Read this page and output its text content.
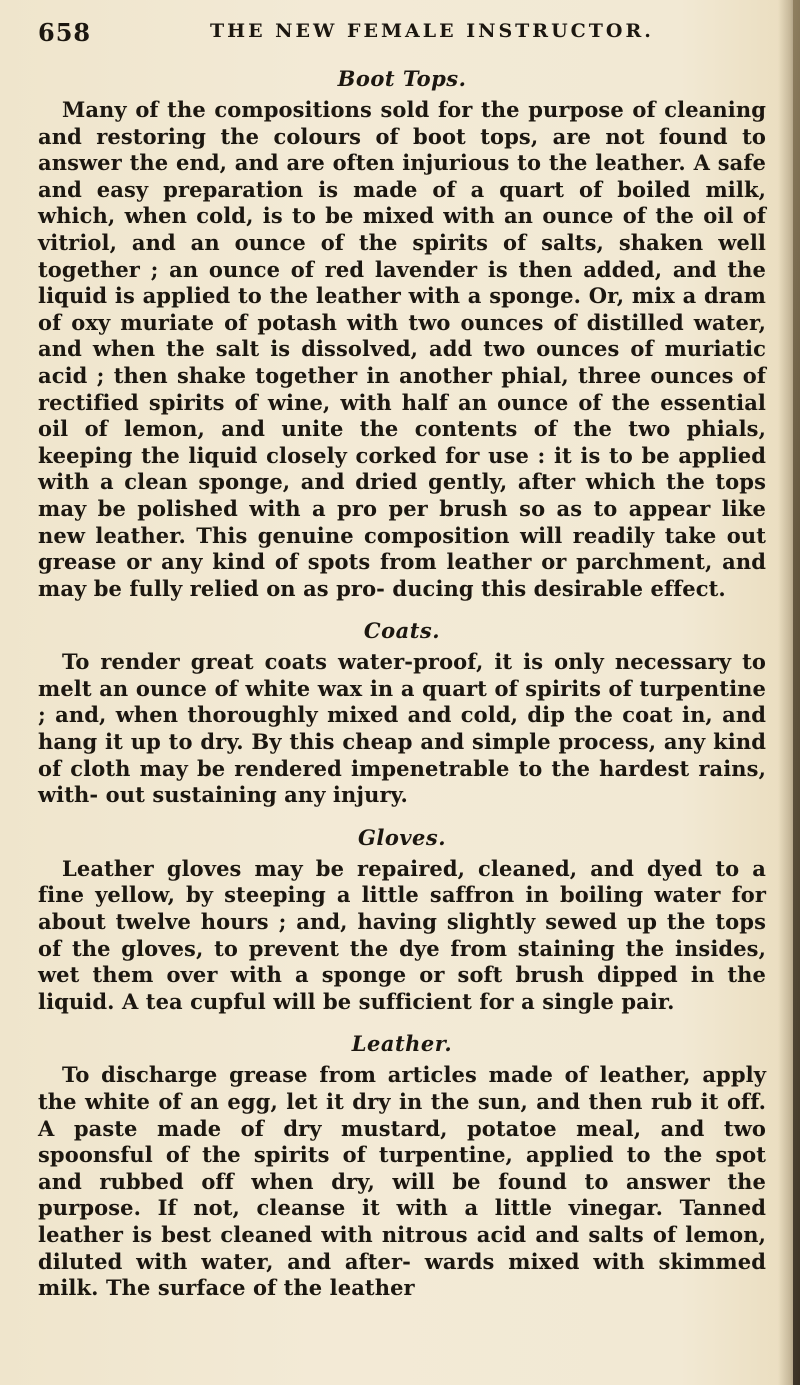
658	THE NEW FEMALE INSTRUCTOR.
Boot Tops.

Many of the compositions sold for the purpose of cleaning and restoring the colours of boot tops, are not found to answer the end, and are often injurious to the leather. A safe and easy preparation is made of a quart of boiled milk, which, when cold, is to be mixed with an ounce of the oil of vitriol, and an ounce of the spirits of salts, shaken well together ; an ounce of red lavender is then added, and the liquid is applied to the leather with a sponge. Or, mix a dram of oxy muriate of potash with two ounces of distilled water, and when the salt is dissolved, add two ounces of muriatic acid ; then shake together in another phial, three ounces of rectified spirits of wine, with half an ounce of the essential oil of lemon, and unite the contents of the two phials, keeping the liquid closely corked for use : it is to be applied with a clean sponge, and dried gently, after which the tops may be polished with a pro per brush so as to appear like new leather. This genuine composition will readily take out grease or any kind of spots from leather or parchment, and may be fully relied on as pro- ducing this desirable effect.

Coats.

To render great coats water-proof, it is only necessary to melt an ounce of white wax in a quart of spirits of turpentine ; and, when thoroughly mixed and cold, dip the coat in, and hang it up to dry. By this cheap and simple process, any kind of cloth may be rendered impenetrable to the hardest rains, with- out sustaining any injury.

Gloves.

Leather gloves may be repaired, cleaned, and dyed to a fine yellow, by steeping a little saffron in boiling water for about twelve hours ; and, having slightly sewed up the tops of the gloves, to prevent the dye from staining the insides, wet them over with a sponge or soft brush dipped in the liquid. A tea cupful will be sufficient for a single pair.

Leather.

To discharge grease from articles made of leather, apply the white of an egg, let it dry in the sun, and then rub it off. A paste made of dry mustard, potatoe meal, and two spoonsful of the spirits of turpentine, applied to the spot and rubbed off when dry, will be found to answer the purpose. If not, cleanse it with a little vinegar. Tanned leather is best cleaned with nitrous acid and salts of lemon, diluted with water, and after- wards mixed with skimmed milk. The surface of the leather
